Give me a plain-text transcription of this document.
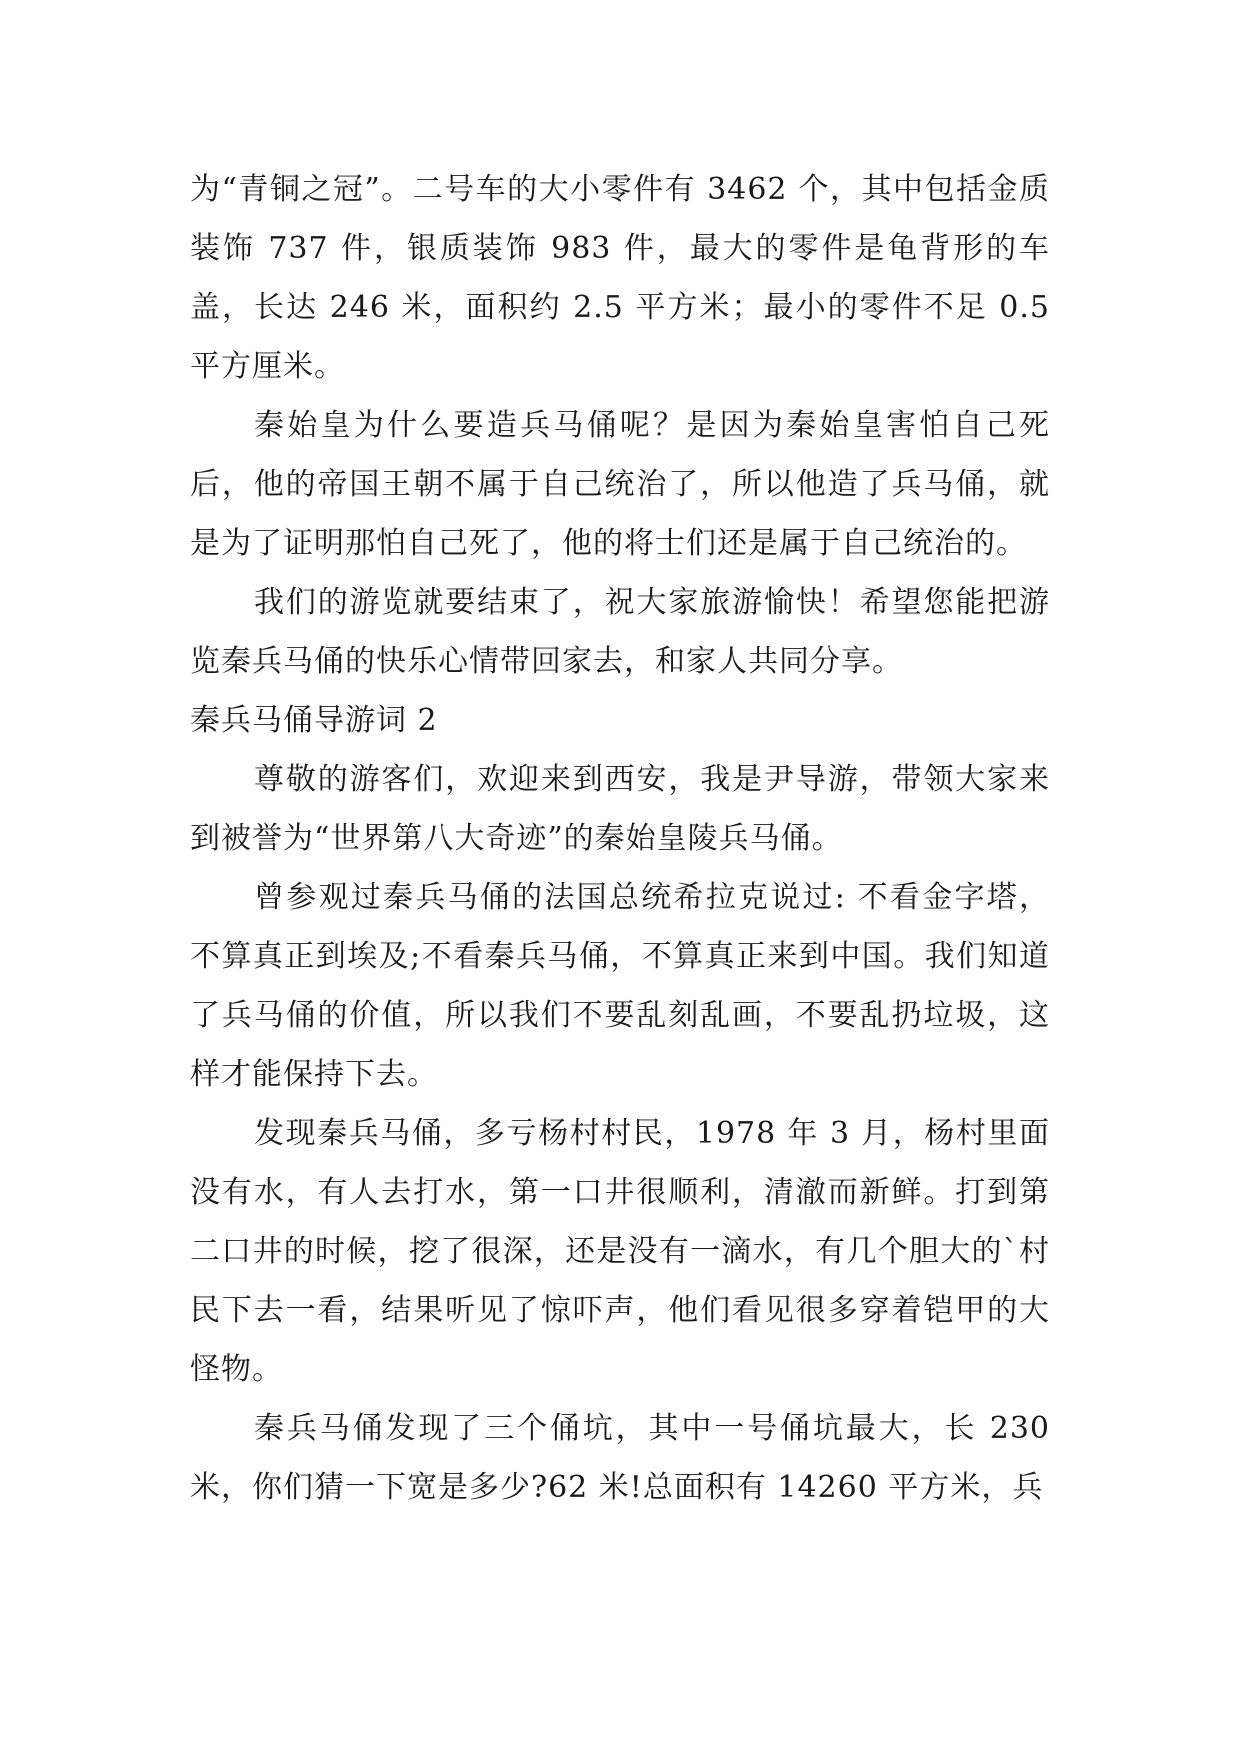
为“青铜之冠”。二号车的大小零件有 3462 个，其中包括金质装饰 737 件，银质装饰 983 件，最大的零件是龟背形的车盖，长达 246 米，面积约 2.5 平方米；最小的零件不足 0.5 平方厘米。

秦始皇为什么要造兵马俑呢？是因为秦始皇害怕自己死后，他的帝国王朝不属于自己统治了，所以他造了兵马俑，就是为了证明那怕自己死了，他的将士们还是属于自己统治的。

我们的游览就要结束了，祝大家旅游愉快！希望您能把游览秦兵马俑的快乐心情带回家去，和家人共同分享。

秦兵马俑导游词 2

尊敬的游客们，欢迎来到西安，我是尹导游，带领大家来到被誉为“世界第八大奇迹”的秦始皇陵兵马俑。

曾参观过秦兵马俑的法国总统希拉克说过: 不看金字塔，不算真正到埃及;不看秦兵马俑，不算真正来到中国。我们知道了兵马俑的价值，所以我们不要乱刻乱画，不要乱扔垃圾，这样才能保持下去。

发现秦兵马俑，多亏杨村村民，1978 年 3 月，杨村里面没有水，有人去打水，第一口井很顺利，清澈而新鲜。打到第二口井的时候，挖了很深，还是没有一滴水，有几个胆大的`村民下去一看，结果听见了惊吓声，他们看见很多穿着铠甲的大怪物。

秦兵马俑发现了三个俑坑，其中一号俑坑最大，长 230 米，你们猜一下宽是多少?62 米!总面积有 14260 平方米，兵
